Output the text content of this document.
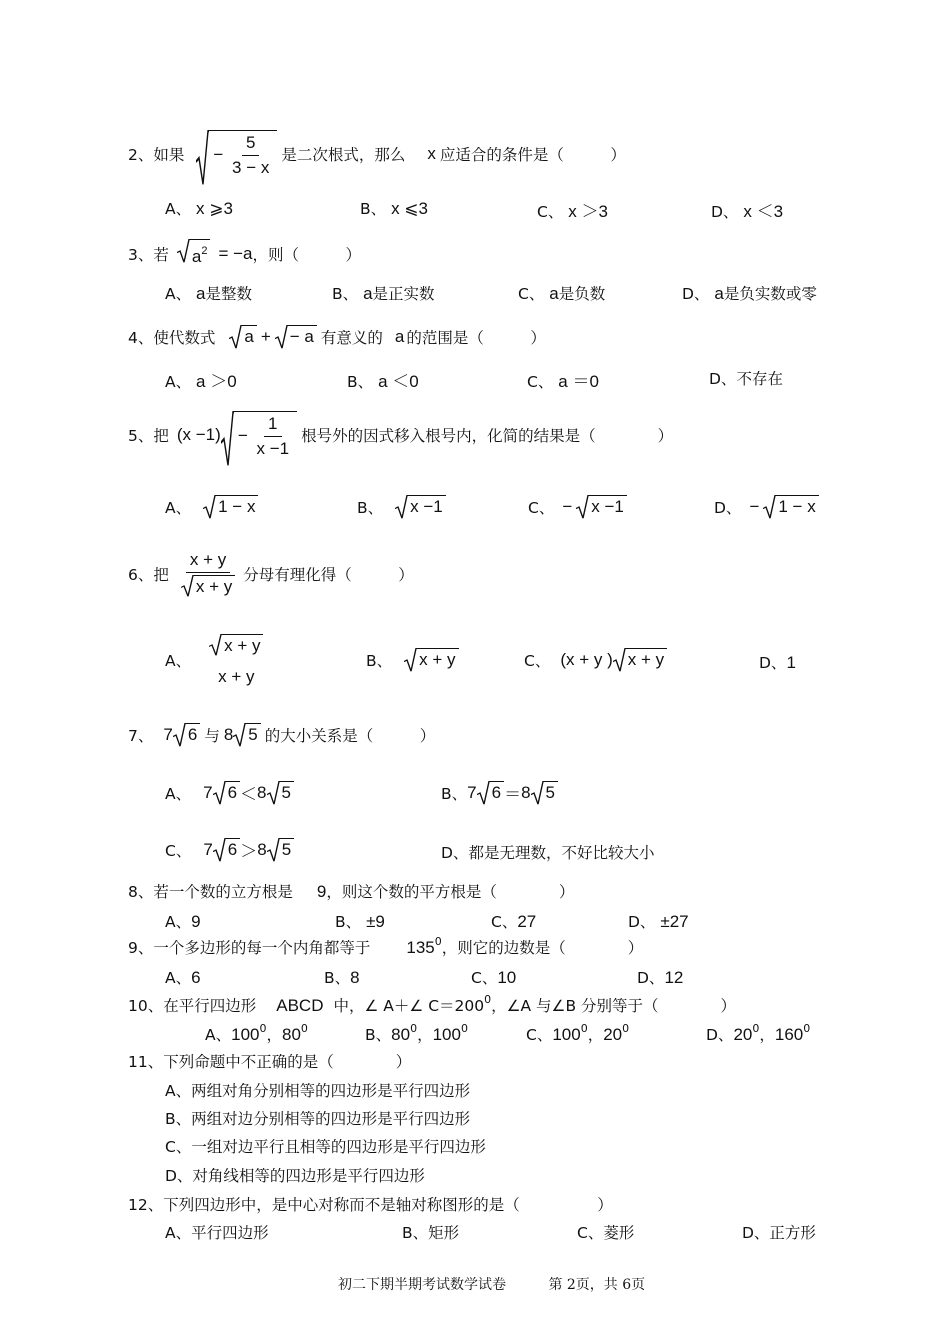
2、如果	− $\frac{5}{3 - x}$ 是二次根式，那么 x 应适合的条件是（　　　）
A、 x ⩾3	B、 x ⩽3	C、 x ＞3	D、 x ＜3
3、若	$a^2 = -a$ ，则（　　　）
A、 a是整数	B、 a是正实数	C、 a是负数	D、 a是负实数或零
4、使代数式	a +	− a 有意义的 a 的范围是（　　　）
A、 a ＞0	B、 a ＜0	C、 a ＝0	D、不存在
5、把 (x −1)	− $\frac{1}{x -1}$ 根号外的因式移入根号内，化简的结果是（　　　　）
A、	1 − x	B、	x −1	C、 −	x −1	D、 −	1 − x
6、把 $\frac{x + y}{x + y}$ 分母有理化得（　　　）
A、
x + y
x + y
B、	x + y	C、 (x + y ) x + y	D、1
7、 7 6 与 8 5 的大小关系是（　　　）
A、 7 6 ＜ 8 5	B、 7 6 ＝ 8 5
C、 7 6 ＞ 8 5	D、都是无理数，不好比较大小
8、若一个数的立方根是 9，则这个数的平方根是（　　　　）
A、9	B、 ±9	C、27	D、 ±27
9、一个多边形的每一个内角都等于 $135^0$，则它的边数是（　　　　）
A、6	B、8	C、10	D、12
10、在平行四边形 ABCD 中，∠ A＋∠ $C=200^0$，∠A 与∠B 分别等于（　　　　）
A、$100^0$，$80^0$	B、$80^0$，$100^0$	C、$100^0$，$20^0$	D、$20^0$，$160^0$
11、下列命题中不正确的是（　　　　）
A、两组对角分别相等的四边形是平行四边形
B、两组对边分别相等的四边形是平行四边形
C、一组对边平行且相等的四边形是平行四边形
D、对角线相等的四边形是平行四边形
12、下列四边形中，是中心对称而不是轴对称图形的是（　　　　　）
A、平行四边形	B、矩形	C、菱形	D、正方形
初二下期半期考试数学试卷	第 2页，共 6页
